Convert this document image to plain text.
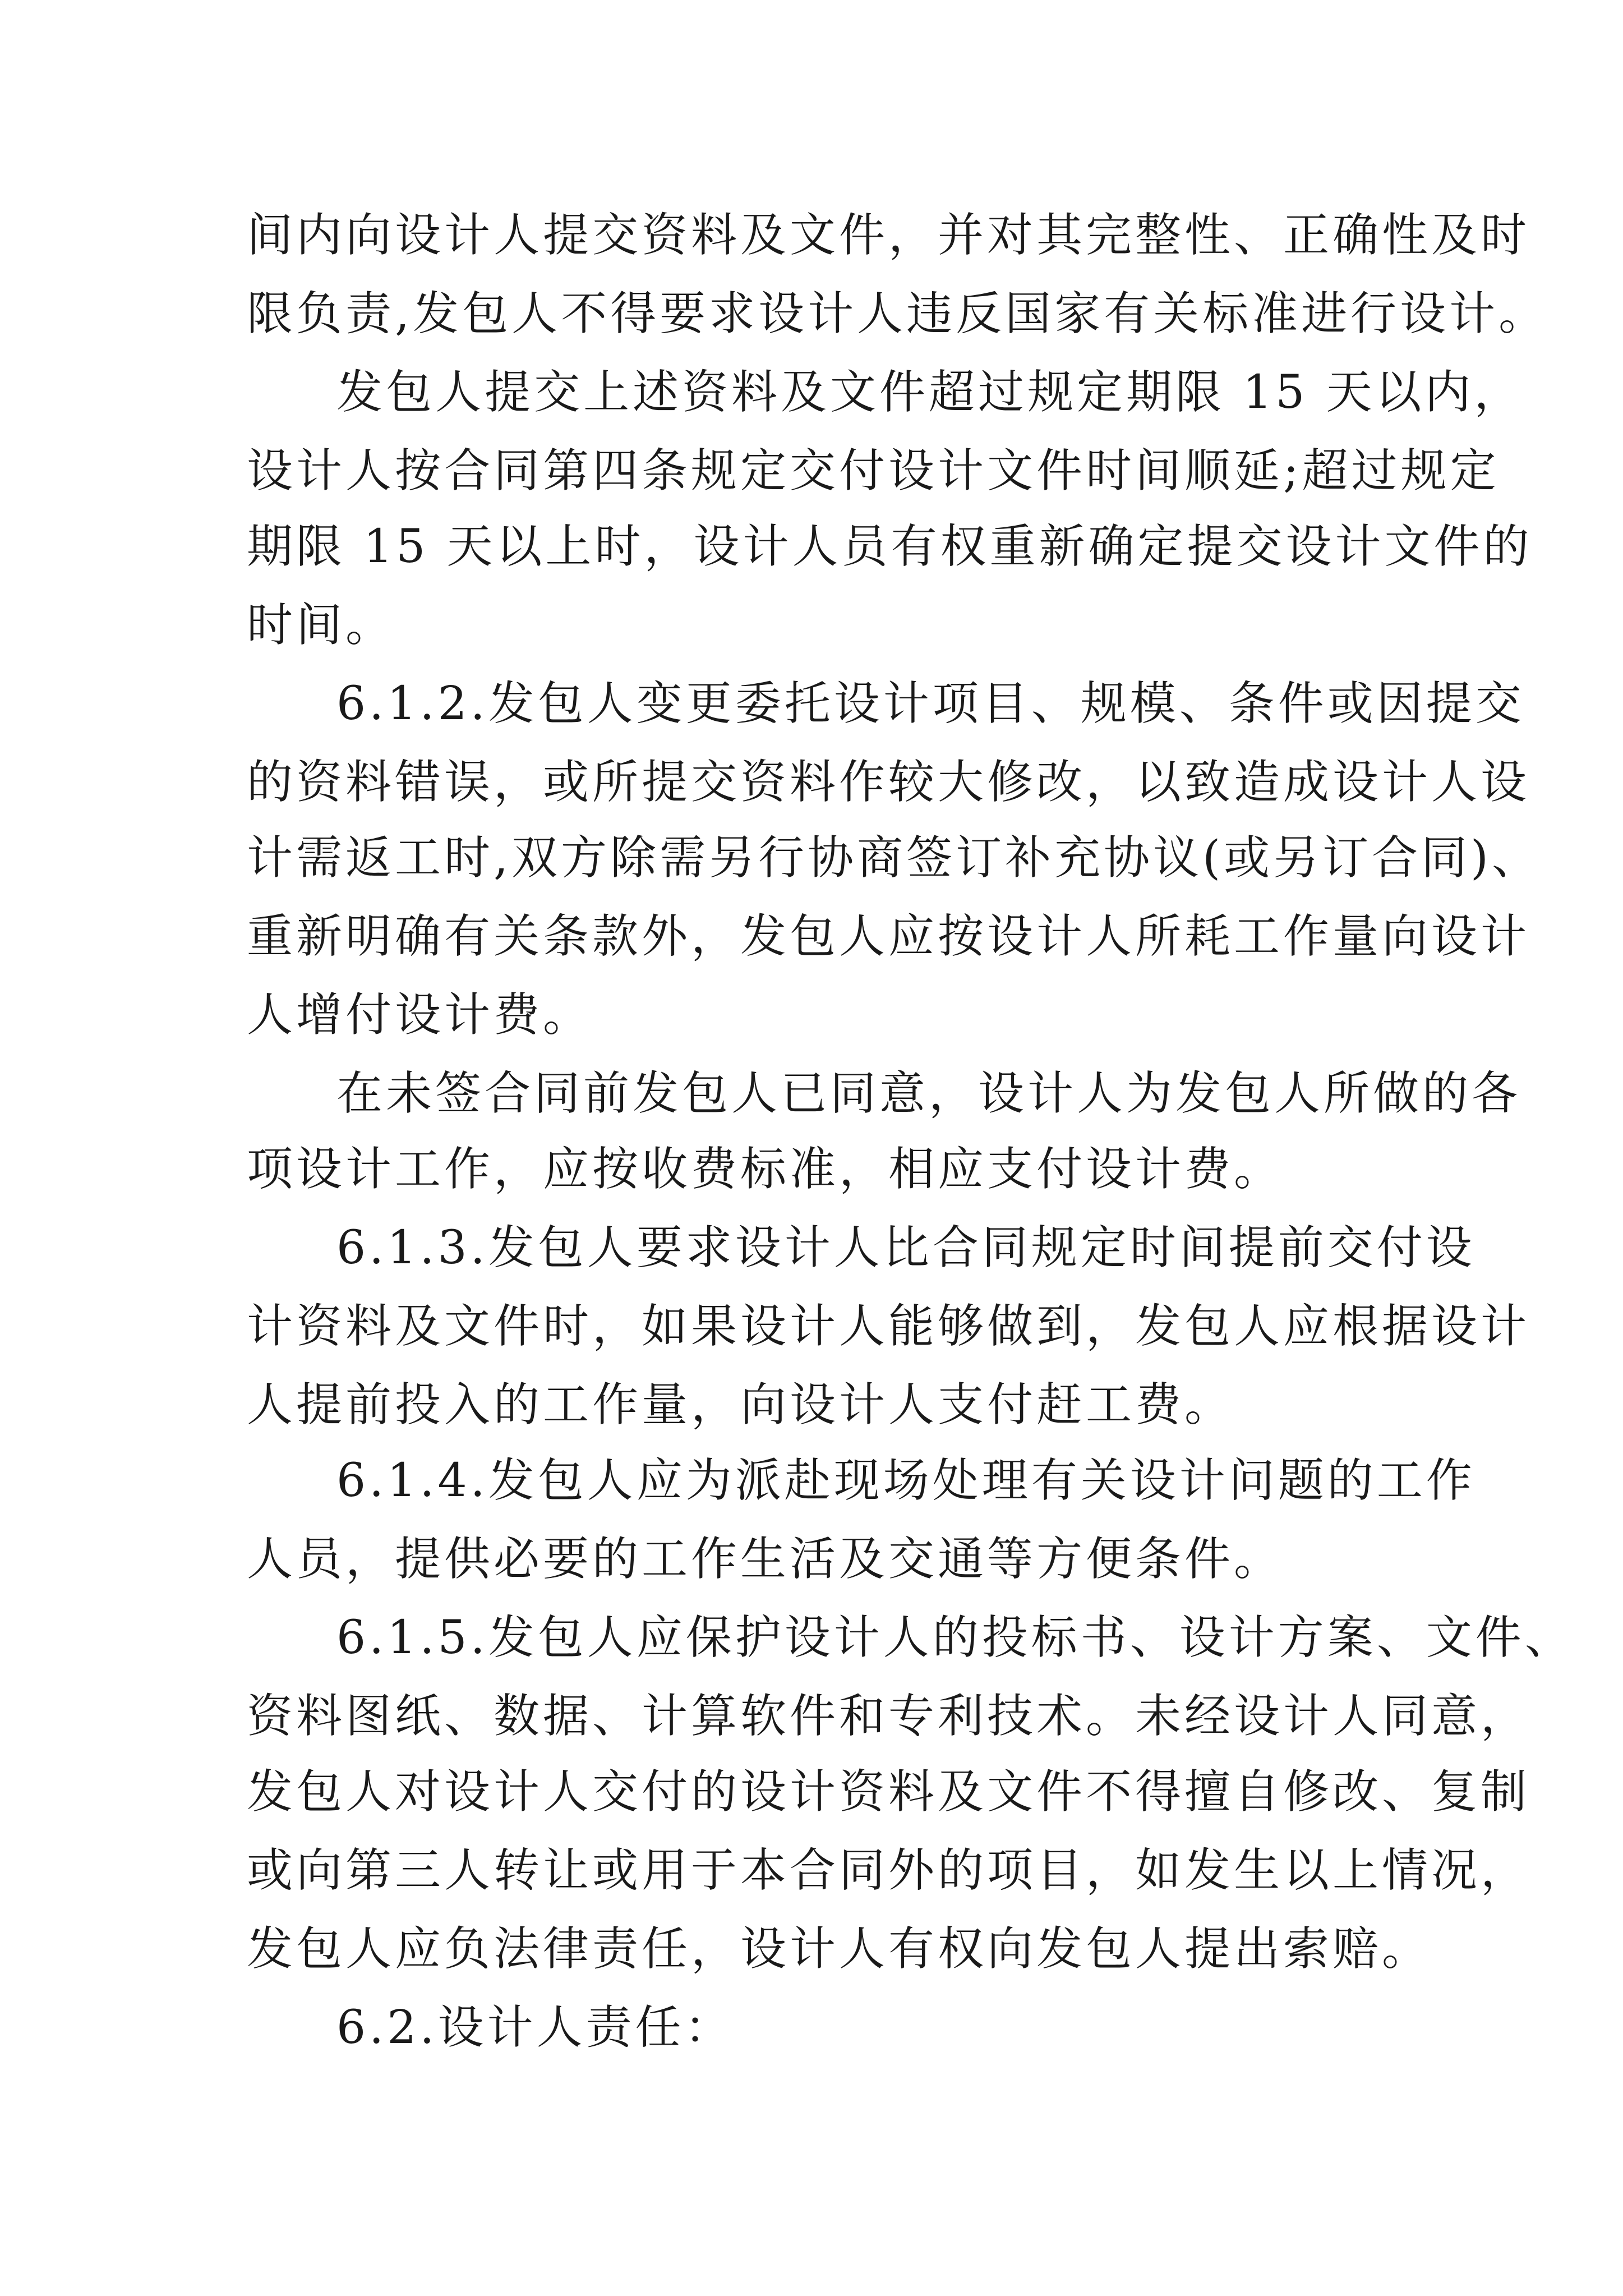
间内向设计人提交资料及文件，并对其完整性、正确性及时
限负责,发包人不得要求设计人违反国家有关标准进行设计。
发包人提交上述资料及文件超过规定期限 15 天以内，
设计人按合同第四条规定交付设计文件时间顺延;超过规定
期限 15 天以上时，设计人员有权重新确定提交设计文件的
时间。
6.1.2.发包人变更委托设计项目、规模、条件或因提交
的资料错误，或所提交资料作较大修改，以致造成设计人设
计需返工时,双方除需另行协商签订补充协议(或另订合同)、
重新明确有关条款外，发包人应按设计人所耗工作量向设计
人增付设计费。
在未签合同前发包人已同意，设计人为发包人所做的各
项设计工作，应按收费标准，相应支付设计费。
6.1.3.发包人要求设计人比合同规定时间提前交付设
计资料及文件时，如果设计人能够做到，发包人应根据设计
人提前投入的工作量，向设计人支付赶工费。
6.1.4.发包人应为派赴现场处理有关设计问题的工作
人员，提供必要的工作生活及交通等方便条件。
6.1.5.发包人应保护设计人的投标书、设计方案、文件、
资料图纸、数据、计算软件和专利技术。未经设计人同意，
发包人对设计人交付的设计资料及文件不得擅自修改、复制
或向第三人转让或用于本合同外的项目，如发生以上情况，
发包人应负法律责任，设计人有权向发包人提出索赔。
6.2.设计人责任：
